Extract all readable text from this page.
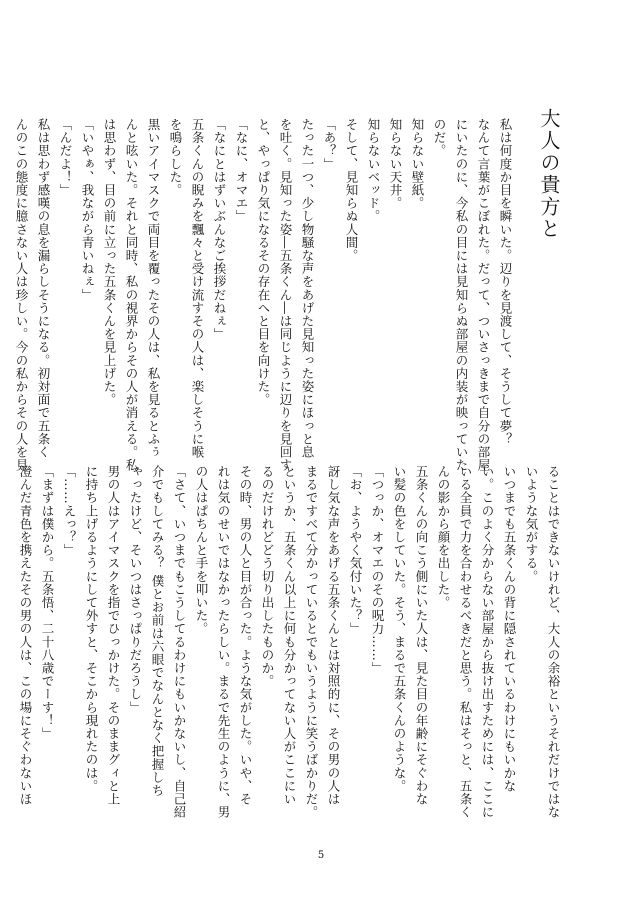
大人の貴方と

私は何度か目を瞬いた。辺りを見渡して、そうして夢？

なんて言葉がこぼれた。だって、ついさっきまで自分の部屋

にいたのに、今私の目には見知らぬ部屋の内装が映っていた

のだ。

知らない壁紙。

知らない天井。

知らないベッド。

そして、見知らぬ人間。

「あ？」

たった一つ、少し物騒な声をあげた見知った姿にほっと息

を吐く。見知った姿―五条くん―は同じように辺りを見回す

と、やっぱり気になるその存在へと目を向けた。

「なに、オマエ」

「なにとはずいぶんなご挨拶だねぇ」

五条くんの睨みを飄々と受け流すその人は、楽しそうに喉

を鳴らした。

黒いアイマスクで両目を覆ったその人は、私を見るとふぅ

んと呟いた。それと同時、私の視界からその人が消える。私

は思わず、目の前に立った五条くんを見上げた。

「いやぁ、我ながら青いねぇ」

「んだよ！」

私は思わず感嘆の息を漏らしそうになる。初対面で五条く

んのこの態度に臆さない人は珍しい。今の私からその人を見

ることはできないけれど、大人の余裕というそれだけではな

いような気がする。

いつまでも五条くんの背に隠されているわけにもいかな

い。このよく分からない部屋から抜け出すためには、ここに

いる全員で力を合わせるべきだと思う。私はそっと、五条く

んの影から顔を出した。

五条くんの向こう側にいた人は、見た目の年齢にそぐわな

い髪の色をしていた。そう、まるで五条くんのような。

「つっか、オマエのその呪力……」

「お、ようやく気付いた？」

訝し気な声をあげる五条くんとは対照的に、その男の人は

まるですべて分かっているとでもいうように笑うばかりだ。

というか、五条くん以上に何も分かってない人がここにい

るのだけれどどう切り出したものか。

その時、男の人と目が合った。ような気がした。いや、そ

れは気のせいではなかったらしい。まるで先生のように、男

の人はぱちんと手を叩いた。

「さて、いつまでもこうしてるわけにもいかないし、自己紹

介でもしてみる？ 僕とお前は六眼でなんとなく把握しち

ゃったけど、そいつはさっぱりだろうし」

男の人はアイマスクを指でひっかけた。そのままグィと上

に持ち上げるようにして外すと、そこから現れたのは。

「……えっ？」

「まずは僕から。五条悟、二十八歳でーす！」

澄んだ青色を携えたその男の人は、この場にそぐわないほ

5
